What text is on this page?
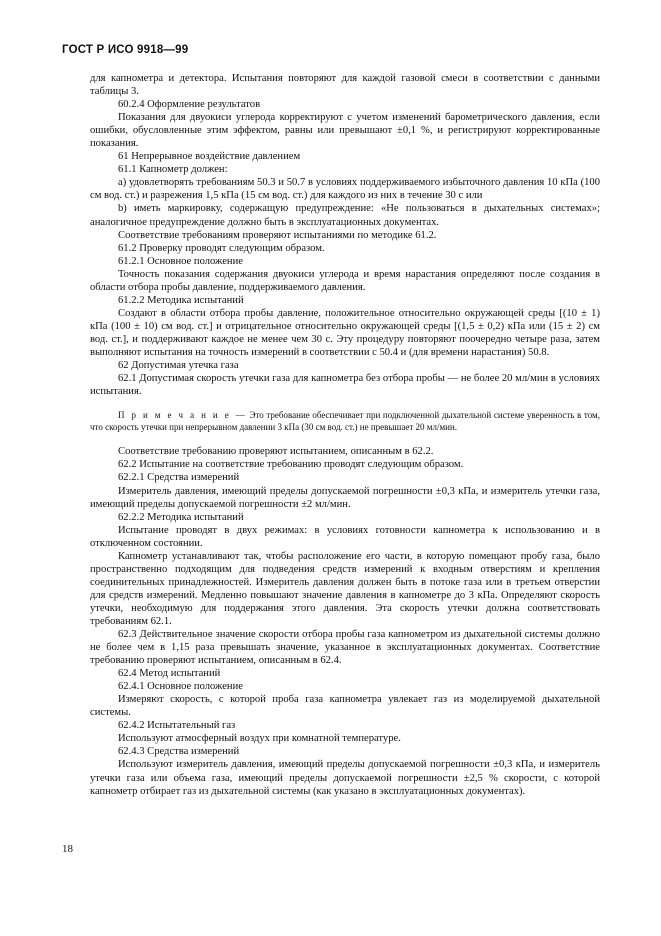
ГОСТ Р ИСО 9918—99

для капнометра и детектора. Испытания повторяют для каждой газовой смеси в соответствии с данными таблицы 3.

60.2.4 Оформление результатов

Показания для двуокиси углерода корректируют с учетом изменений барометрического давления, если ошибки, обусловленные этим эффектом, равны или превышают ±0,1 %, и регистрируют корректированные показания.

61 Непрерывное воздействие давлением

61.1 Капнометр должен:

а) удовлетворять требованиям 50.3 и 50.7 в условиях поддерживаемого избыточного давления 10 кПа (100 см вод. ст.) и разрежения 1,5 кПа (15 см вод. ст.) для каждого из них в течение 30 с или

b) иметь маркировку, содержащую предупреждение: «Не пользоваться в дыхательных системах»; аналогичное предупреждение должно быть в эксплуатационных документах.

Соответствие требованиям проверяют испытаниями по методике 61.2.

61.2 Проверку проводят следующим образом.

61.2.1 Основное положение

Точность показания содержания двуокиси углерода и время нарастания определяют после создания в области отбора пробы давление, поддерживаемого давления.

61.2.2 Методика испытаний

Создают в области отбора пробы давление, положительное относительно окружающей среды [(10 ± 1) кПа (100 ± 10) см вод. ст.] и отрицательное относительно окружающей среды [(1,5 ± 0,2) кПа или (15 ± 2) см вод. ст.], и поддерживают каждое не менее чем 30 с. Эту процедуру повторяют поочередно четыре раза, затем выполняют испытания на точность измерений в соответствии с 50.4 и (для времени нарастания) 50.8.

62 Допустимая утечка газа

62.1 Допустимая скорость утечки газа для капнометра без отбора пробы — не более 20 мл/мин в условиях испытания.

П р и м е ч а н и е — Это требование обеспечивает при подключенной дыхательной системе уверенность в том, что скорость утечки при непрерывном давлении 3 кПа (30 см вод. ст.) не превышает 20 мл/мин.

Соответствие требованию проверяют испытанием, описанным в 62.2.

62.2 Испытание на соответствие требованию проводят следующим образом.

62.2.1 Средства измерений

Измеритель давления, имеющий пределы допускаемой погрешности ±0,3 кПа, и измеритель утечки газа, имеющий пределы допускаемой погрешности ±2 мл/мин.

62.2.2 Методика испытаний

Испытание проводят в двух режимах: в условиях готовности капнометра к использованию и в отключенном состоянии.

Капнометр устанавливают так, чтобы расположение его части, в которую помещают пробу газа, было пространственно подходящим для подведения средств измерений к входным отверстиям и крепления соединительных принадлежностей. Измеритель давления должен быть в потоке газа или в третьем отверстии для средств измерений. Медленно повышают значение давления в капнометре до 3 кПа. Определяют скорость утечки, необходимую для поддержания этого давления. Эта скорость утечки должна соответствовать требованиям 62.1.

62.3 Действительное значение скорости отбора пробы газа капнометром из дыхательной системы должно не более чем в 1,15 раза превышать значение, указанное в эксплуатационных документах. Соответствие требованию проверяют испытанием, описанным в 62.4.

62.4 Метод испытаний

62.4.1 Основное положение

Измеряют скорость, с которой проба газа капнометра увлекает газ из моделируемой дыхательной системы.

62.4.2 Испытательный газ

Используют атмосферный воздух при комнатной температуре.

62.4.3 Средства измерений

Используют измеритель давления, имеющий пределы допускаемой погрешности ±0,3 кПа, и измеритель утечки газа или объема газа, имеющий пределы допускаемой погрешности ±2,5 % скорости, с которой капнометр отбирает газ из дыхательной системы (как указано в эксплуатационных документах).

18
